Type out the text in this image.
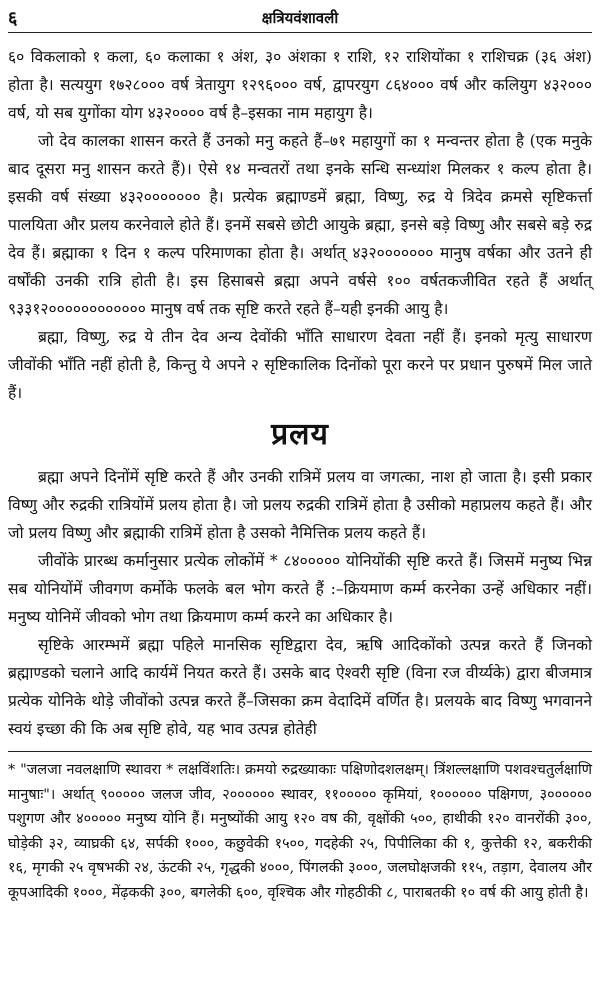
६	क्षत्रियवंशावली

६० विकलाको १ कला, ६० कलाका १ अंश, ३० अंशका १ राशि, १२ राशियोंका १ राशिचक्र (३६ अंश) होता है। सत्ययुग १७२८००० वर्ष त्रेतायुग १२९६००० वर्ष, द्वापरयुग ८६४००० वर्ष और कलियुग ४३२००० वर्ष, यो सब युगोंका योग ४३२०००० वर्ष है–इसका नाम महायुग है।

जो देव कालका शासन करते हैं उनको मनु कहते हैं–७१ महायुगों का १ मन्वन्तर होता है (एक मनुके बाद दूसरा मनु शासन करते हैं)। ऐसे १४ मन्वतरों तथा इनके सन्धि सन्ध्यांश मिलकर १ कल्प होता है। इसकी वर्ष संख्या ४३२००००००० है। प्रत्येक ब्रह्माण्डमें ब्रह्मा, विष्णु, रुद्र ये त्रिदेव क्रमसे सृष्टिकर्त्ता पालयिता और प्रलय करनेवाले होते हैं। इनमें सबसे छोटी आयुके ब्रह्मा, इनसे बड़े विष्णु और सबसे बड़े रुद्र देव हैं। ब्रह्माका १ दिन १ कल्प परिमाणका होता है। अर्थात् ४३२००००००० मानुष वर्षका और उतने ही वर्षोंकी उनकी रात्रि होती है। इस हिसाबसे ब्रह्मा अपने वर्षसे १०० वर्षतकजीवित रहते हैं अर्थात् ९३३१२०००००००००००० मानुष वर्ष तक सृष्टि करते रहते हैं–यही इनकी आयु है।

ब्रह्मा, विष्णु, रुद्र ये तीन देव अन्य देवोंकी भाँति साधारण देवता नहीं हैं। इनको मृत्यु साधारण जीवोंकी भाँति नहीं होती है, किन्तु ये अपने २ सृष्टिकालिक दिनोंको पूरा करने पर प्रधान पुरुषमें मिल जाते हैं।

प्रलय

ब्रह्मा अपने दिनोंमें सृष्टि करते हैं और उनकी रात्रिमें प्रलय वा जगत्का, नाश हो जाता है। इसी प्रकार विष्णु और रुद्रकी रात्रियोंमें प्रलय होता है। जो प्रलय रुद्रकी रात्रिमें होता है उसीको महाप्रलय कहते हैं। और जो प्रलय विष्णु और ब्रह्माकी रात्रिमें होता है उसको नैमित्तिक प्रलय कहते हैं।

जीवोंके प्रारब्ध कर्मानुसार प्रत्येक लोकोंमें * ८४००००० योनियोंकी सृष्टि करते हैं। जिसमें मनुष्य भिन्न सब योनियोंमें जीवगण कर्मोके फलके बल भोग करते हैं :–क्रियमाण कर्म्म करनेका उन्हें अधिकार नहीं। मनुष्य योनिमें जीवको भोग तथा क्रियमाण कर्म्म करने का अधिकार है।

सृष्टिके आरम्भमें ब्रह्मा पहिले मानसिक सृष्टिद्वारा देव, ऋषि आदिकोंको उत्पन्न करते हैं जिनको ब्रह्माण्डको चलाने आदि कार्यमें नियत करते हैं। उसके बाद ऐश्वरी सृष्टि (विना रज वीर्य्यके) द्वारा बीजमात्र प्रत्येक योनिके थोड़े जीवोंको उत्पन्न करते हैं–जिसका क्रम वेदादिमें वर्णित है। प्रलयके बाद विष्णु भगवानने स्वयं इच्छा की कि अब सृष्टि होवे, यह भाव उत्पन्न होतेही

* "जलजा नवलक्षाणि स्थावरा * लक्षविंशतिः। क्रमयो रुद्रख्याकाः पक्षिणोदशलक्षम्। त्रिंशल्लक्षाणि पशवश्चतुर्लक्षाणि मानुषाः"। अर्थात् ९००००० जलज जीव, २०००००० स्थावर, ११००००० कृमियां, १०००००० पक्षिगण, ३०००००० पशुगण और ४००००० मनुष्य योनि हैं। मनुष्योंकी आयु १२० वष की, वृक्षोंकी ५००, हाथीकी १२० वानरोंकी ३००, घोड़ेकी ३२, व्याघ्रकी ६४, सर्पकी १०००, कछुवेकी १५००, गदहेकी २५, पिपीलिका की १, कुत्तेकी १२, बकरीकी १६, मृगकी २५ वृषभकी २४, ऊंटकी २५, गृद्धकी ४०००, पिंगलकी ३०००, जलघोक्षजकी ११५, तड़ाग, देवालय और कूपआदिकी १०००, मेंढ़ककी ३००, बगलेकी ६००, वृश्चिक और गोहठीकी ८, पाराबतकी १० वर्ष की आयु होती है।
